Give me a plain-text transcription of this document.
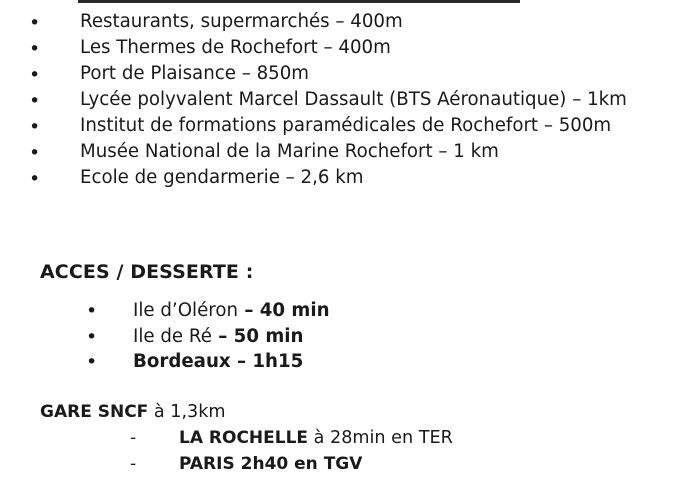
• Restaurants, supermarchés – 400m
• Les Thermes de Rochefort – 400m
• Port de Plaisance – 850m
• Lycée polyvalent Marcel Dassault (BTS Aéronautique) – 1km
• Institut de formations paramédicales de Rochefort – 500m
• Musée National de la Marine Rochefort – 1 km
• Ecole de gendarmerie – 2,6 km
ACCES / DESSERTE :
• Ile d’Oléron – 40 min
• Ile de Ré – 50 min
• Bordeaux – 1h15

GARE SNCF à 1,3km

-	LA ROCHELLE à 28min en TER
-	PARIS 2h40 en TGV
